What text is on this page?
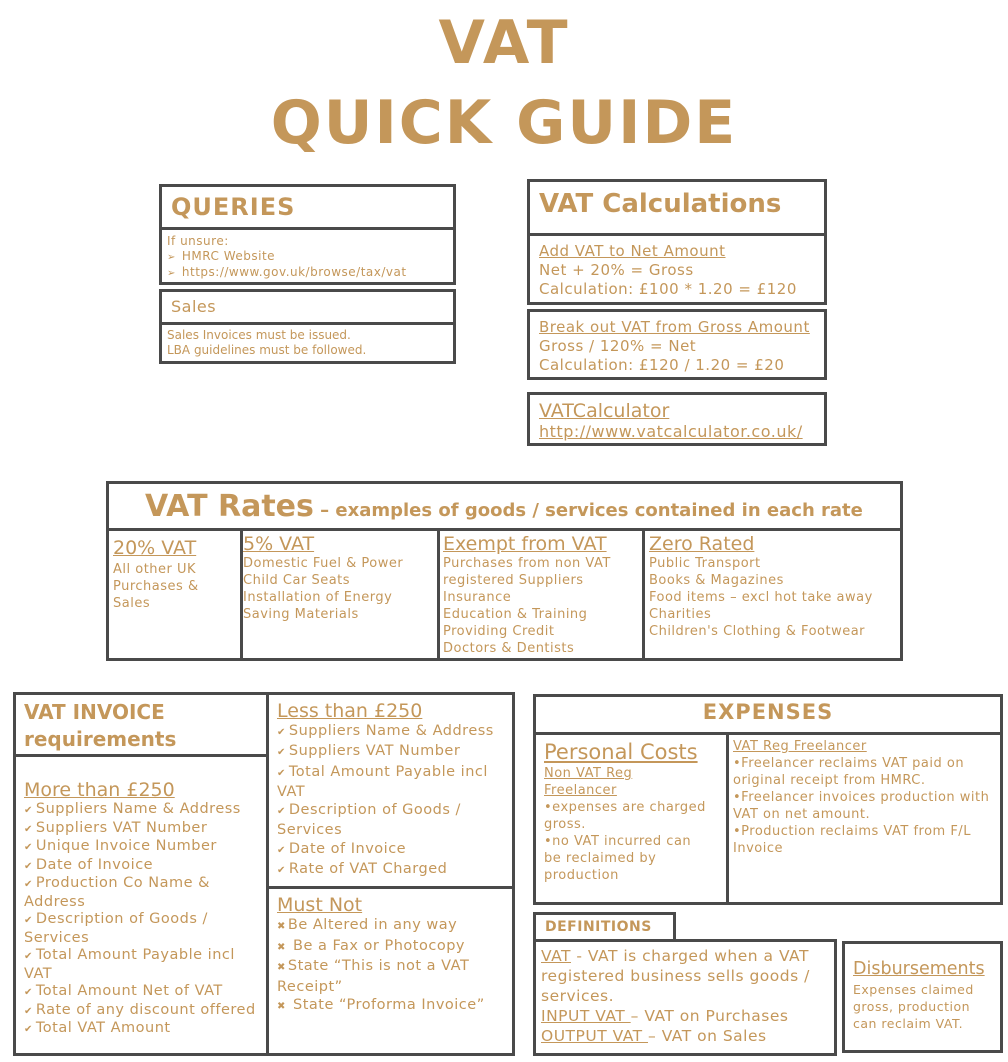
VAT
QUICK GUIDE
QUERIES
If unsure:
➢ HMRC Website
➢ https://www.gov.uk/browse/tax/vat
Sales
Sales Invoices must be issued.
LBA guidelines must be followed.
VAT Calculations
Add VAT to Net Amount
Net + 20% = Gross
Calculation: £100 * 1.20 = £120
Break out VAT from Gross Amount
Gross / 120% = Net
Calculation: £120 / 1.20 = £20
VATCalculator
http://www.vatcalculator.co.uk/
VAT Rates – examples of goods / services contained in each rate
20% VAT
All other UK
Purchases &
Sales
5% VAT
Domestic Fuel & Power
Child Car Seats
Installation of Energy
Saving Materials
Exempt from VAT
Purchases from non VAT
registered Suppliers
Insurance
Education & Training
Providing Credit
Doctors & Dentists
Zero Rated
Public Transport
Books & Magazines
Food items – excl hot take away
Charities
Children's Clothing & Footwear
VAT INVOICE
requirements
More than £250
✔ Suppliers Name & Address
✔ Suppliers VAT Number
✔ Unique Invoice Number
✔ Date of Invoice
✔ Production Co Name &
Address
✔ Description of Goods /
Services
✔ Total Amount Payable incl
VAT
✔ Total Amount Net of VAT
✔ Rate of any discount offered
✔ Total VAT Amount
Less than £250
✔ Suppliers Name & Address
✔ Suppliers VAT Number
✔ Total Amount Payable incl
VAT
✔ Description of Goods /
Services
✔ Date of Invoice
✔ Rate of VAT Charged
Must Not
✖ Be Altered in any way
✖ Be a Fax or Photocopy
✖ State “This is not a VAT
Receipt”
✖ State “Proforma Invoice”
EXPENSES
Personal Costs
Non VAT Reg
Freelancer
•expenses are charged
gross.
•no VAT incurred can
be reclaimed by
production
VAT Reg Freelancer
•Freelancer reclaims VAT paid on
original receipt from HMRC.
•Freelancer invoices production with
VAT on net amount.
•Production reclaims VAT from F/L
Invoice
DEFINITIONS
VAT - VAT is charged when a VAT
registered business sells goods /
services.
INPUT VAT – VAT on Purchases
OUTPUT VAT – VAT on Sales
Disbursements
Expenses claimed
gross, production
can reclaim VAT.
